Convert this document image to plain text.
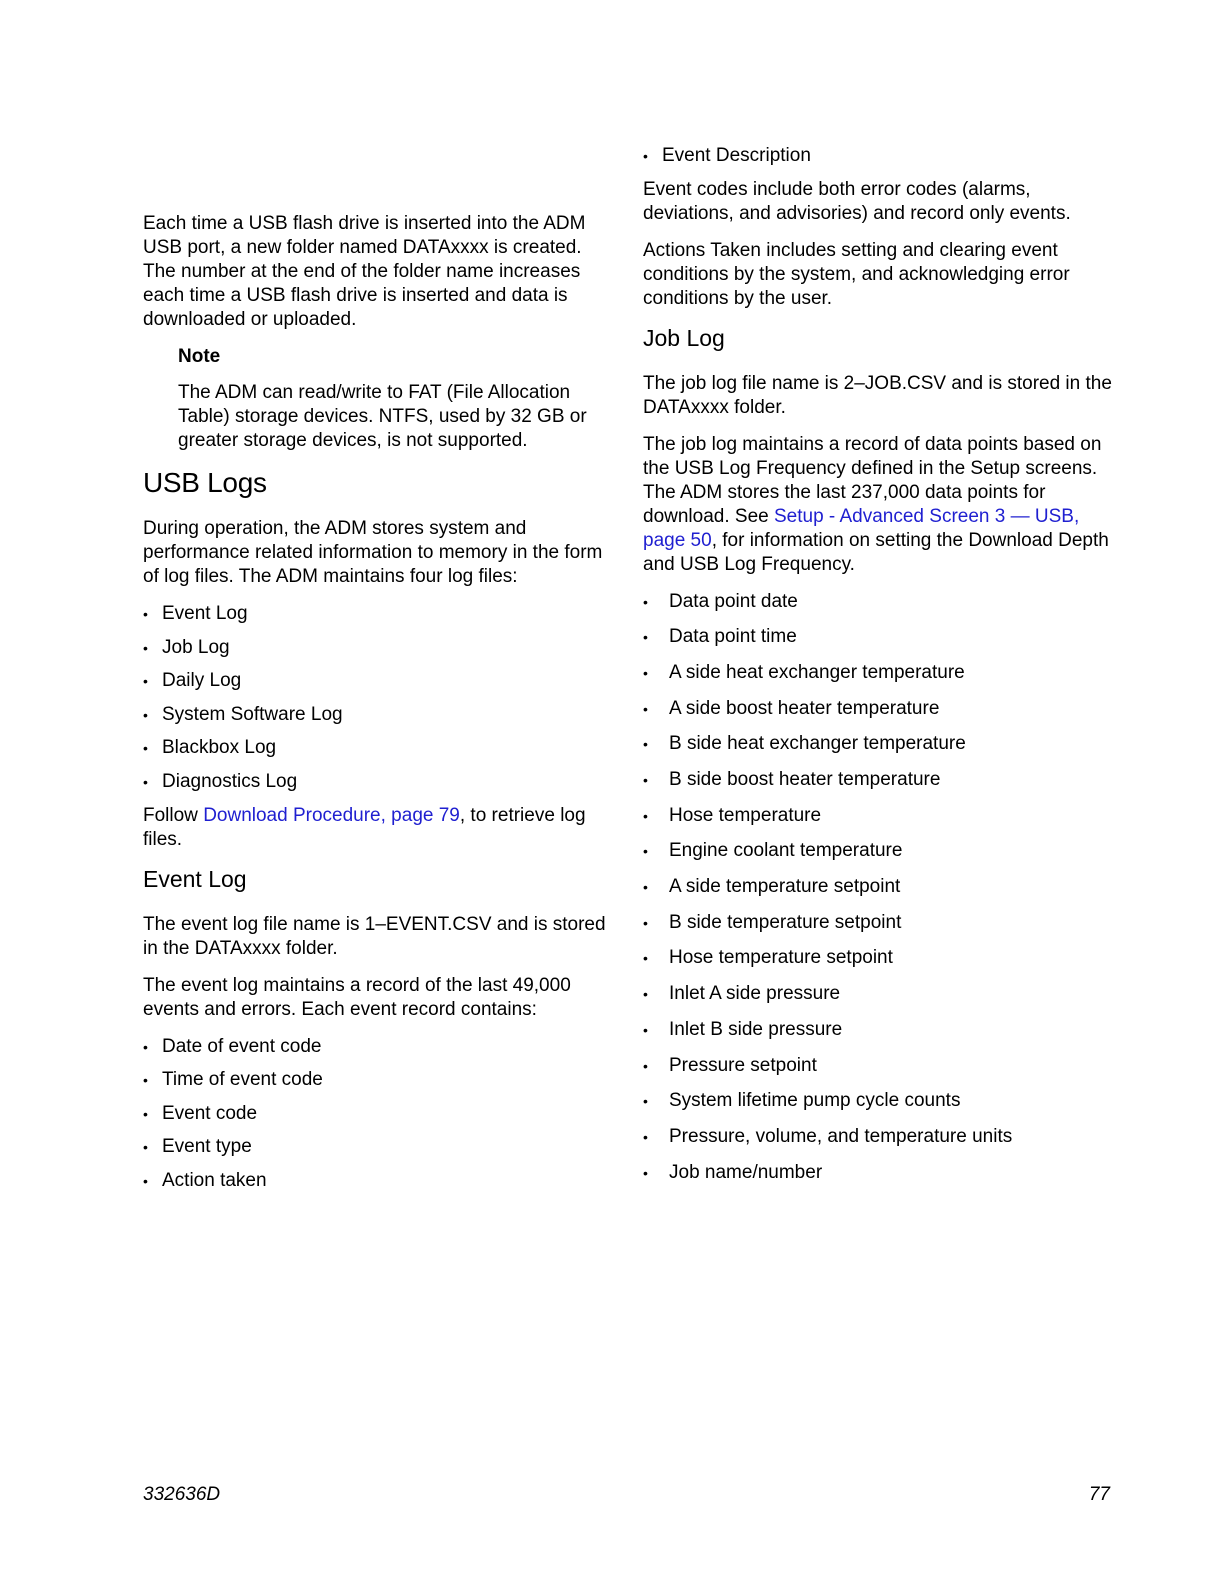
Each time a USB flash drive is inserted into the ADM USB port, a new folder named DATAxxxx is created. The number at the end of the folder name increases each time a USB flash drive is inserted and data is downloaded or uploaded.

Note

The ADM can read/write to FAT (File Allocation Table) storage devices. NTFS, used by 32 GB or greater storage devices, is not supported.

USB Logs

During operation, the ADM stores system and performance related information to memory in the form of log files. The ADM maintains four log files:

• Event Log
• Job Log
• Daily Log
• System Software Log
• Blackbox Log
• Diagnostics Log

Follow Download Procedure, page 79, to retrieve log files.

Event Log

The event log file name is 1–EVENT.CSV and is stored in the DATAxxxx folder.

The event log maintains a record of the last 49,000 events and errors. Each event record contains:

• Date of event code
• Time of event code
• Event code
• Event type
• Action taken
• Event Description

Event codes include both error codes (alarms, deviations, and advisories) and record only events.

Actions Taken includes setting and clearing event conditions by the system, and acknowledging error conditions by the user.

Job Log

The job log file name is 2–JOB.CSV and is stored in the DATAxxxx folder.

The job log maintains a record of data points based on the USB Log Frequency defined in the Setup screens. The ADM stores the last 237,000 data points for download. See Setup - Advanced Screen 3 — USB, page 50, for information on setting the Download Depth and USB Log Frequency.

• Data point date
• Data point time
• A side heat exchanger temperature
• A side boost heater temperature
• B side heat exchanger temperature
• B side boost heater temperature
• Hose temperature
• Engine coolant temperature
• A side temperature setpoint
• B side temperature setpoint
• Hose temperature setpoint
• Inlet A side pressure
• Inlet B side pressure
• Pressure setpoint
• System lifetime pump cycle counts
• Pressure, volume, and temperature units
• Job name/number
332636D	77
